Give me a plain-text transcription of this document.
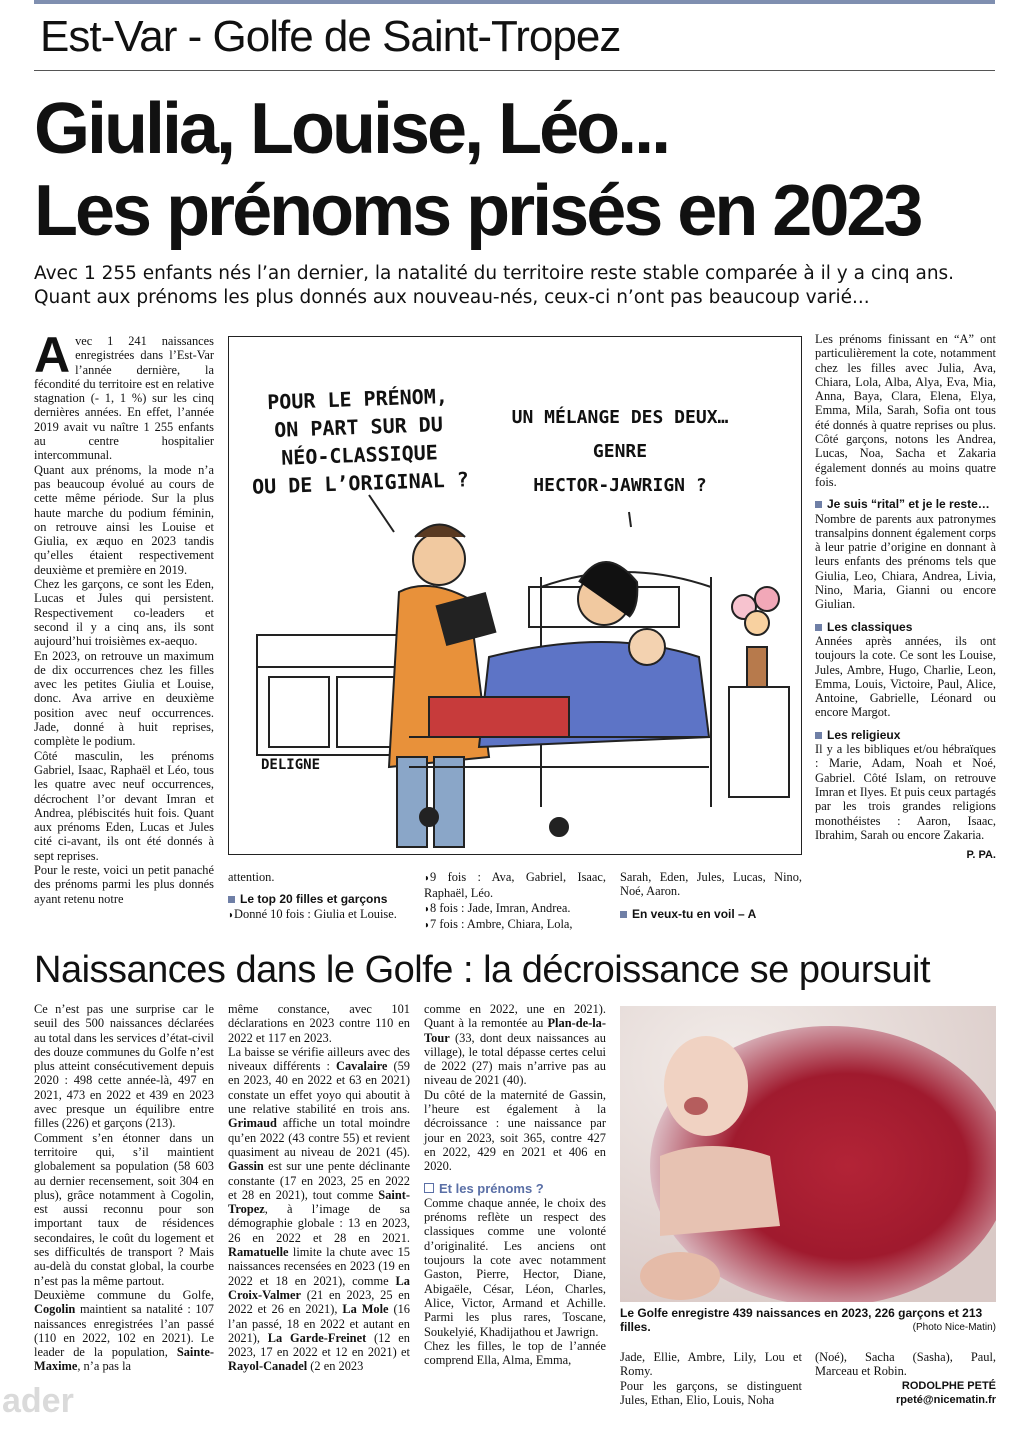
Est-Var - Golfe de Saint-Tropez
Giulia, Louise, Léo...
Les prénoms prisés en 2023
Avec 1 255 enfants nés l’an dernier, la natalité du territoire reste stable comparée à il y a cinq ans. Quant aux prénoms les plus donnés aux nouveau-nés, ceux-ci n’ont pas beaucoup varié...

Avec 1 241 naissances enregistrées dans l’Est-Var l’année dernière, la fécondité du territoire est en relative stagnation (- 1, 1 %) sur les cinq dernières années. En effet, l’année 2019 avait vu naître 1 255 enfants au centre hospitalier intercommunal.

Quant aux prénoms, la mode n’a pas beaucoup évolué au cours de cette même période. Sur la plus haute marche du podium féminin, on retrouve ainsi les Louise et Giulia, ex æquo en 2023 tandis qu’elles étaient respectivement deuxième et première en 2019.

Chez les garçons, ce sont les Eden, Lucas et Jules qui persistent. Respectivement co-leaders et second il y a cinq ans, ils sont aujourd’hui troisièmes ex-aequo.

En 2023, on retrouve un maximum de dix occurrences chez les filles avec les petites Giulia et Louise, donc. Ava arrive en deuxième position avec neuf occurrences. Jade, donné à huit reprises, complète le podium.

Côté masculin, les prénoms Gabriel, Isaac, Raphaël et Léo, tous les quatre avec neuf occurrences, décrochent l’or devant Imran et Andrea, plébiscités huit fois. Quant aux prénoms Eden, Lucas et Jules cité ci-avant, ils ont été donnés à sept reprises.

Pour le reste, voici un petit panaché des prénoms parmi les plus donnés ayant retenu notre

POUR LE PRÉNOM,
ON PART SUR DU
NÉO-CLASSIQUE
OU DE L’ORIGINAL ?
UN MÉLANGE DES DEUX…
GENRE
HECTOR-JAWRIGN ?
DELIGNE

attention.

Le top 20 filles et garçons

◗Donné 10 fois : Giulia et Louise.

◗9 fois : Ava, Gabriel, Isaac, Raphaël, Léo.

◗8 fois : Jade, Imran, Andrea.

◗7 fois : Ambre, Chiara, Lola,

Sarah, Eden, Jules, Lucas, Nino, Noé, Aaron.

En veux-tu en voil – A

Les prénoms finissant en “A” ont particulièrement la cote, notamment chez les filles avec Julia, Ava, Chiara, Lola, Alba, Alya, Eva, Mia, Anna, Baya, Clara, Elena, Elya, Emma, Mila, Sarah, Sofia ont tous été donnés à quatre reprises ou plus. Côté garçons, notons les Andrea, Lucas, Noa, Sacha et Zakaria également donnés au moins quatre fois.

Je suis “rital” et je le reste…

Nombre de parents aux patronymes transalpins donnent également corps à leur patrie d’origine en donnant à leurs enfants des prénoms tels que Giulia, Leo, Chiara, Andrea, Livia, Nino, Maria, Gianni ou encore Giulian.

Les classiques

Années après années, ils ont toujours la cote. Ce sont les Louise, Jules, Ambre, Hugo, Charlie, Leon, Emma, Louis, Victoire, Paul, Alice, Antoine, Gabrielle, Léonard ou encore Margot.

Les religieux

Il y a les bibliques et/ou hébraïques : Marie, Adam, Noah et Noé, Gabriel. Côté Islam, on retrouve Imran et Ilyes. Et puis ceux partagés par les trois grandes religions monothéistes : Aaron, Isaac, Ibrahim, Sarah ou encore Zakaria.

P. PA.

Naissances dans le Golfe : la décroissance se poursuit

Ce n’est pas une surprise car le seuil des 500 naissances déclarées au total dans les services d’état-civil des douze communes du Golfe n’est plus atteint consécutivement depuis 2020 : 498 cette année-là, 497 en 2021, 473 en 2022 et 439 en 2023 avec presque un équilibre entre filles (226) et garçons (213).

Comment s’en étonner dans un territoire qui, s’il maintient globalement sa population (58 603 au dernier recensement, soit 304 en plus), grâce notamment à Cogolin, est aussi reconnu pour son important taux de résidences secondaires, le coût du logement et ses difficultés de transport ? Mais au-delà du constat global, la courbe n’est pas la même partout.

Deuxième commune du Golfe, Cogolin maintient sa natalité : 107 naissances enregistrées l’an passé (110 en 2022, 102 en 2021). Le leader de la population, Sainte-Maxime, n’a pas la

même constance, avec 101 déclarations en 2023 contre 110 en 2022 et 117 en 2023.

La baisse se vérifie ailleurs avec des niveaux différents : Cavalaire (59 en 2023, 40 en 2022 et 63 en 2021) constate un effet yoyo qui aboutit à une relative stabilité en trois ans. Grimaud affiche un total moindre qu’en 2022 (43 contre 55) et revient quasiment au niveau de 2021 (45). Gassin est sur une pente déclinante constante (17 en 2023, 25 en 2022 et 28 en 2021), tout comme Saint-Tropez, à l’image de sa démographie globale : 13 en 2023, 26 en 2022 et 28 en 2021. Ramatuelle limite la chute avec 15 naissances recensées en 2023 (19 en 2022 et 18 en 2021), comme La Croix-Valmer (21 en 2023, 25 en 2022 et 26 en 2021), La Mole (16 l’an passé, 18 en 2022 et autant en 2021), La Garde-Freinet (12 en 2023, 17 en 2022 et 12 en 2021) et Rayol-Canadel (2 en 2023

comme en 2022, une en 2021). Quant à la remontée au Plan-de-la-Tour (33, dont deux naissances au village), le total dépasse certes celui de 2022 (27) mais n’arrive pas au niveau de 2021 (40).

Du côté de la maternité de Gassin, l’heure est également à la décroissance : une naissance par jour en 2023, soit 365, contre 427 en 2022, 429 en 2021 et 406 en 2020.

Et les prénoms ?

Comme chaque année, le choix des prénoms reflète un respect des classiques comme une volonté d’originalité. Les anciens ont toujours la cote avec notamment Gaston, Pierre, Hector, Diane, Abigaële, César, Léon, Charles, Alice, Victor, Armand et Achille. Parmi les plus rares, Toscane, Soukelyié, Khadijathou et Jawrign.

Chez les filles, le top de l’année comprend Ella, Alma, Emma,

Le Golfe enregistre 439 naissances en 2023, 226 garçons et 213 filles.	(Photo Nice-Matin)

Jade, Ellie, Ambre, Lily, Lou et Romy.
Pour les garçons, se distinguent Jules, Ethan, Elio, Louis, Noha

(Noé), Sacha (Sasha), Paul, Marceau et Robin.

RODOLPHE PETÉ

rpeté@nicematin.fr

ader
